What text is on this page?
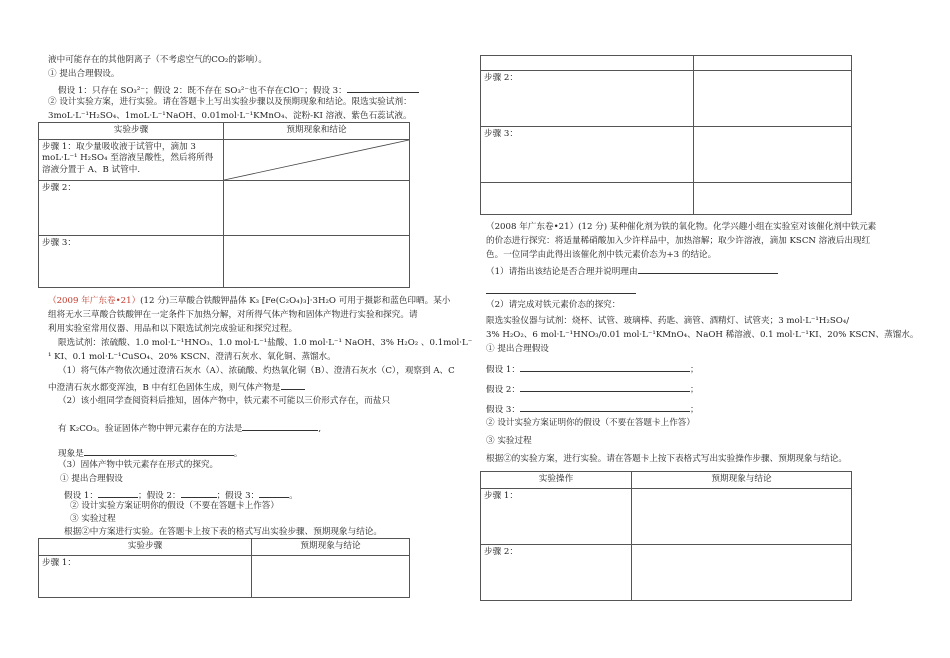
液中可能存在的其他阴离子（不考虑空气的CO₂的影响）。
① 提出合理假设。
假设 1：只存在 SO₃²⁻；假设 2：既不存在 SO₃²⁻也不存在ClO⁻；假设 3：
② 设计实验方案，进行实验。请在答题卡上写出实验步骤以及预期现象和结论。限选实验试剂：
3moL·L⁻¹H₂SO₄、1moL·L⁻¹NaOH、0.01mol·L⁻¹KMnO₄、淀粉-KI 溶液、紫色石蕊试液。
实验步骤	预期现象和结论
步骤 1：取少量吸收液于试管中，滴加 3 moL·L⁻¹ H₂SO₄ 至溶液呈酸性，然后将所得溶液分置于 A、B 试管中.	

步骤 2：	
步骤 3：	
（2009 年广东卷•21）(12 分)三草酸合铁酸钾晶体 K₃ [Fe(C₂O₄)₃]·3H₂O 可用于摄影和蓝色印晒。某小
组将无水三草酸合铁酸钾在一定条件下加热分解，对所得气体产物和固体产物进行实验和探究。请
利用实验室常用仪器、用品和以下限选试剂完成验证和探究过程。
限选试剂：浓硫酸、1.0 mol·L⁻¹HNO₃、1.0 mol·L⁻¹盐酸、1.0 mol·L⁻¹ NaOH、3% H₂O₂ 、0.1mol·L⁻
¹ KI、0.1 mol·L⁻¹CuSO₄、20% KSCN、澄清石灰水、氧化铜、蒸馏水。
（1）将气体产物依次通过澄清石灰水（A）、浓硫酸、灼热氧化铜（B）、澄清石灰水（C），观察到 A、C
中澄清石灰水都变浑浊，B 中有红色固体生成，则气体产物是
（2）该小组同学查阅资料后推知，固体产物中，铁元素不可能以三价形式存在，而盐只
有 K₂CO₃。验证固体产物中钾元素存在的方法是	,
现象是	。
（3）固体产物中铁元素存在形式的探究。
① 提出合理假设
假设 1：	；假设 2：	；假设 3：	。
② 设计实验方案证明你的假设（不要在答题卡上作答）
③ 实验过程
根据②中方案进行实验。在答题卡上按下表的格式写出实验步骤、预期现象与结论。
实验步骤	预期现象与结论
步骤 1：	

步骤 2：	
步骤 3：	

（2008 年广东卷•21）(12 分) 某种催化剂为铁的氧化物。化学兴趣小组在实验室对该催化剂中铁元素
的价态进行探究：将适量稀硝酸加入少许样品中，加热溶解；取少许溶液，滴加 KSCN 溶液后出现红
色。一位同学由此得出该催化剂中铁元素价态为+3 的结论。
（1）请指出该结论是否合理并说明理由
（2）请完成对铁元素价态的探究：
限选实验仪器与试剂：烧杯、试管、玻璃棒、药匙、滴管、酒精灯、试管夹；3 mol·L⁻¹H₂SO₄/
3% H₂O₂、6 mol·L⁻¹HNO₃/0.01 mol·L⁻¹KMnO₄、NaOH 稀溶液、0.1 mol·L⁻¹KI、20% KSCN、蒸馏水。
① 提出合理假设
假设 1：	；
假设 2：	；
假设 3：	；
② 设计实验方案证明你的假设（不要在答题卡上作答）
③ 实验过程
根据②的实验方案，进行实验。请在答题卡上按下表格式写出实验操作步骤、预期现象与结论。
实验操作	预期现象与结论
步骤 1：	
步骤 2：	
